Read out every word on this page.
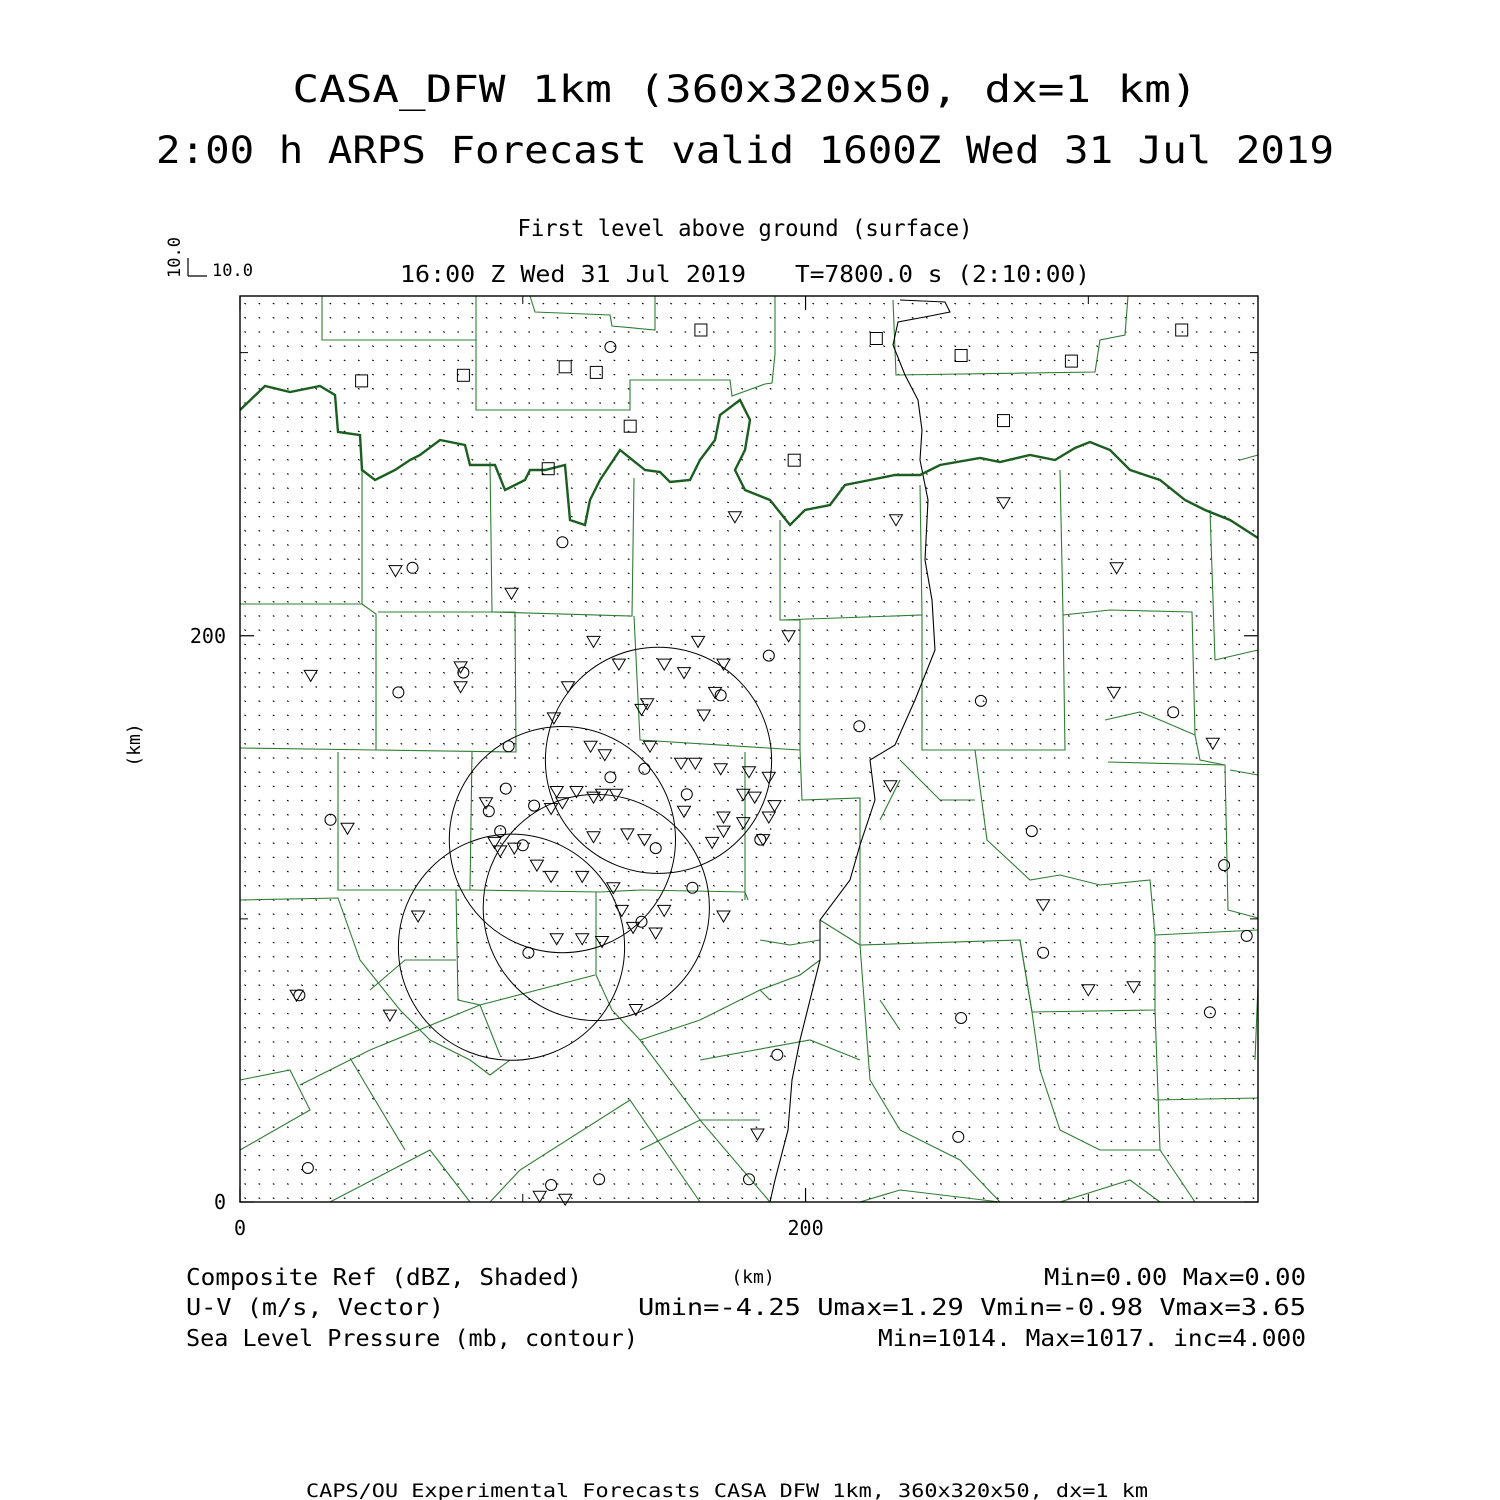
CASA_DFW 1km (360x320x50, dx=1 km)
2:00 h ARPS Forecast valid 1600Z Wed 31 Jul 2019
First level above ground (surface)
16:00 Z Wed 31 Jul 2019 T=7800.0 s (2:10:00)
10.0
10.0
0	200
0
200
(km)
Composite Ref (dBZ, Shaded)	(km)	Min=0.00 Max=0.00
U-V (m/s, Vector)	Umin=-4.25 Umax=1.29 Vmin=-0.98 Vmax=3.65
Sea Level Pressure (mb, contour)	Min=1014. Max=1017. inc=4.000
CAPS/OU Experimental Forecasts CASA DFW 1km, 360x320x50, dx=1 km
